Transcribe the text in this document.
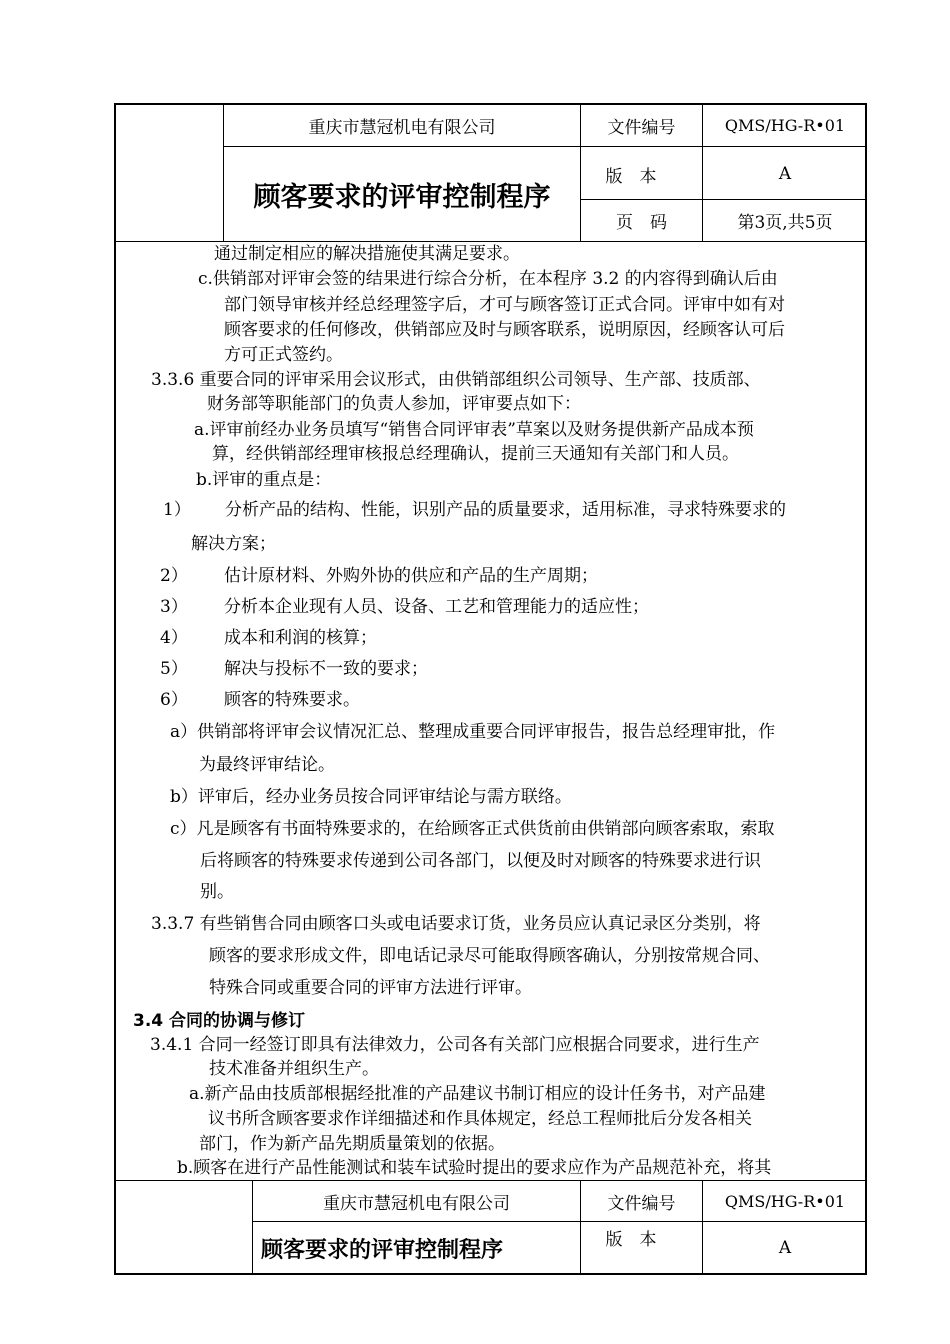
重庆市慧冠机电有限公司
顾客要求的评审控制程序
文件编号	QMS/HG-R•01
版　本	A
页　码	第3页,共5页
通过制定相应的解决措施使其满足要求。
c.供销部对评审会签的结果进行综合分析，在本程序 3.2 的内容得到确认后由
部门领导审核并经总经理签字后，才可与顾客签订正式合同。评审中如有对
顾客要求的任何修改，供销部应及时与顾客联系，说明原因，经顾客认可后
方可正式签约。
3.3.6 重要合同的评审采用会议形式，由供销部组织公司领导、生产部、技质部、
财务部等职能部门的负责人参加，评审要点如下：
a.评审前经办业务员填写“销售合同评审表”草案以及财务提供新产品成本预
算，经供销部经理审核报总经理确认，提前三天通知有关部门和人员。
b.评审的重点是：
1） 分析产品的结构、性能，识别产品的质量要求，适用标准，寻求特殊要求的
解决方案；
2） 估计原材料、外购外协的供应和产品的生产周期；
3） 分析本企业现有人员、设备、工艺和管理能力的适应性；
4） 成本和利润的核算；
5） 解决与投标不一致的要求；
6） 顾客的特殊要求。
a）供销部将评审会议情况汇总、整理成重要合同评审报告，报告总经理审批，作
为最终评审结论。
b）评审后，经办业务员按合同评审结论与需方联络。
c）凡是顾客有书面特殊要求的，在给顾客正式供货前由供销部向顾客索取，索取
后将顾客的特殊要求传递到公司各部门，以便及时对顾客的特殊要求进行识
别。
3.3.7 有些销售合同由顾客口头或电话要求订货，业务员应认真记录区分类别，将
顾客的要求形成文件，即电话记录尽可能取得顾客确认，分别按常规合同、
特殊合同或重要合同的评审方法进行评审。
3.4 合同的协调与修订
3.4.1 合同一经签订即具有法律效力，公司各有关部门应根据合同要求，进行生产
技术准备并组织生产。
a.新产品由技质部根据经批准的产品建议书制订相应的设计任务书，对产品建
议书所含顾客要求作详细描述和作具体规定，经总工程师批后分发各相关
部门，作为新产品先期质量策划的依据。
b.顾客在进行产品性能测试和装车试验时提出的要求应作为产品规范补充，将其
重庆市慧冠机电有限公司
顾客要求的评审控制程序
文件编号	QMS/HG-R•01
版　本	A
